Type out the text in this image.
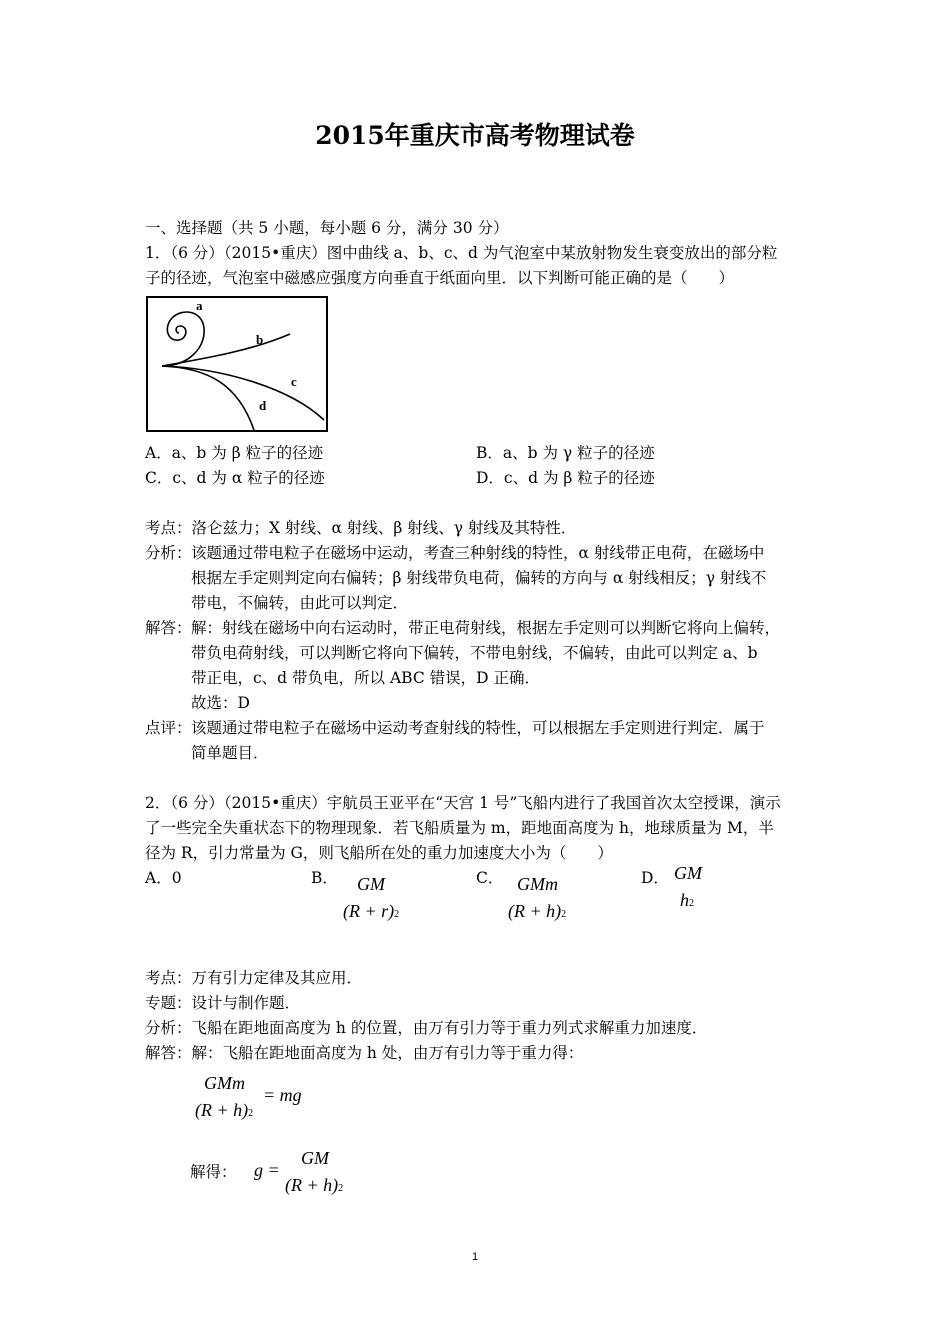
2015年重庆市高考物理试卷
一、选择题（共 5 小题，每小题 6 分，满分 30 分）
1．（6 分）（2015•重庆）图中曲线 a、b、c、d 为气泡室中某放射物发生衰变放出的部分粒
子的径迹，气泡室中磁感应强度方向垂直于纸面向里．以下判断可能正确的是（　　）
a
b
c
d
A．a、b 为 β 粒子的径迹	B．a、b 为 γ 粒子的径迹
C．c、d 为 α 粒子的径迹	D．c、d 为 β 粒子的径迹
考点：洛仑兹力；X 射线、α 射线、β 射线、γ 射线及其特性．
分析： 该题通过带电粒子在磁场中运动，考查三种射线的特性，α 射线带正电荷，在磁场中
根据左手定则判定向右偏转；β 射线带负电荷，偏转的方向与 α 射线相反；γ 射线不
带电，不偏转，由此可以判定．
解答： 解：射线在磁场中向右运动时，带正电荷射线，根据左手定则可以判断它将向上偏转，
带负电荷射线，可以判断它将向下偏转，不带电射线，不偏转，由此可以判定 a、b
带正电，c、d 带负电，所以 ABC 错误，D 正确．
故选：D
点评： 该题通过带电粒子在磁场中运动考查射线的特性，可以根据左手定则进行判定．属于
简单题目．
2．（6 分）（2015•重庆）宇航员王亚平在“天宫 1 号”飞船内进行了我国首次太空授课，演示
了一些完全失重状态下的物理现象．若飞船质量为 m，距地面高度为 h，地球质量为 M，半
径为 R，引力常量为 G，则飞船所在处的重力加速度大小为（　　）
A．0	B． GM
(R + r)2
C． GMm
(R + h)2
D． GM
h2
考点：万有引力定律及其应用．
专题：设计与制作题．
分析：飞船在距地面高度为 h 的位置，由万有引力等于重力列式求解重力加速度．
解答：解：飞船在距地面高度为 h 处，由万有引力等于重力得：
GMm
(R + h)2
= mg
解得： g =
GM
(R + h)2
1
